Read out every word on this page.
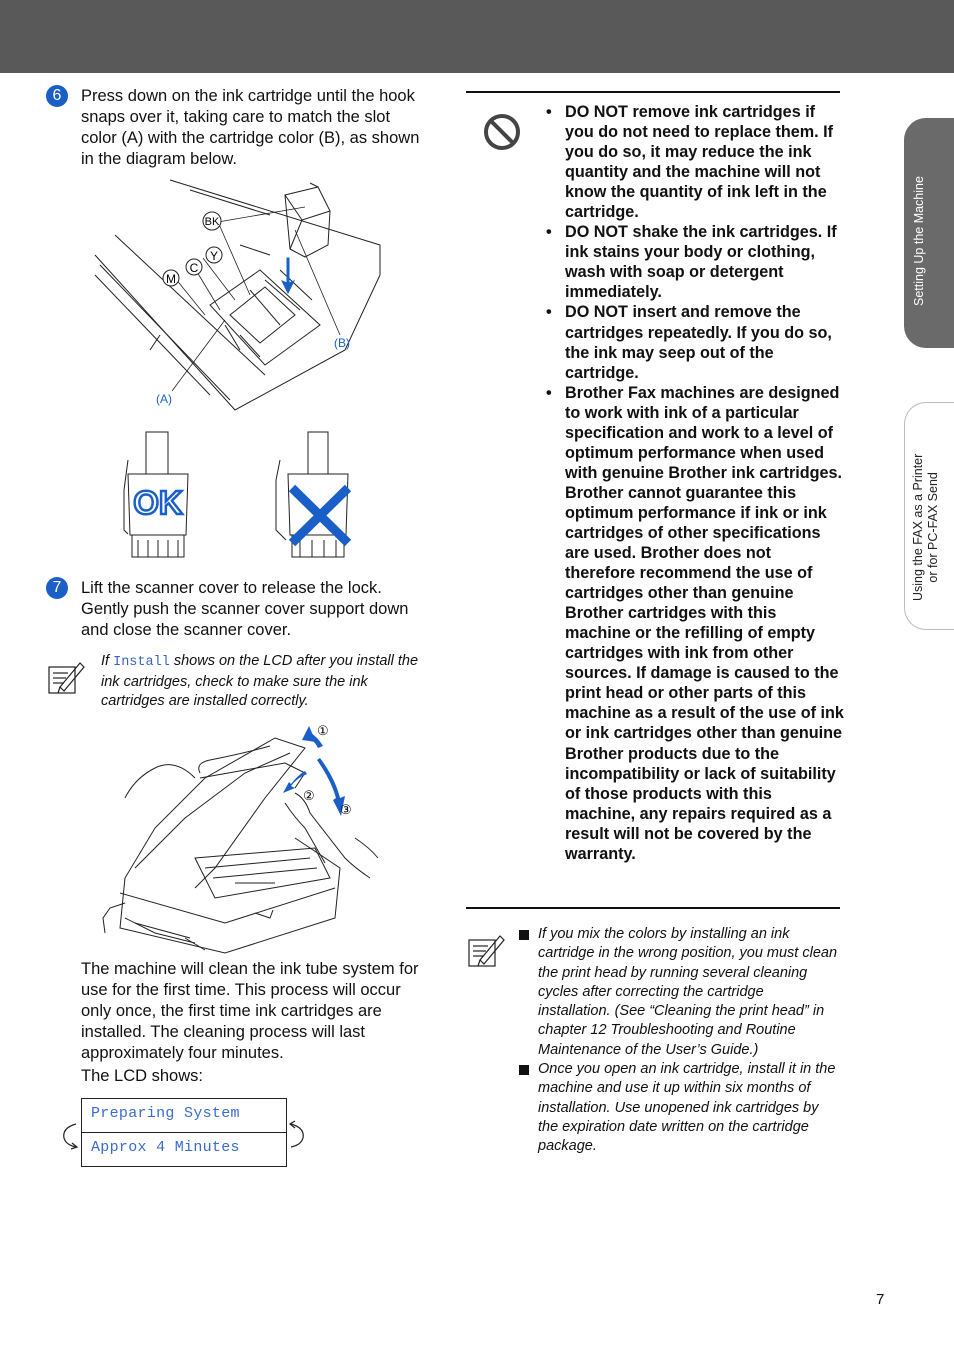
6	Press down on the ink cartridge until the hook snaps over it, taking care to match the slot color (A) with the cartridge color (B), as shown in the diagram below.
BK
Y
C
M
(A)
(B)
OK
7	Lift the scanner cover to release the lock. Gently push the scanner cover support down and close the scanner cover.
If Install shows on the LCD after you install the ink cartridges, check to make sure the ink cartridges are installed correctly.
①
②
③
The machine will clean the ink tube system for use for the first time. This process will occur only once, the first time ink cartridges are installed. The cleaning process will last approximately four minutes.
The LCD shows:
Preparing System
Approx 4 Minutes
• DO NOT remove ink cartridges if you do not need to replace them. If you do so, it may reduce the ink quantity and the machine will not know the quantity of ink left in the cartridge.
• DO NOT shake the ink cartridges. If ink stains your body or clothing, wash with soap or detergent immediately.
• DO NOT insert and remove the cartridges repeatedly. If you do so, the ink may seep out of the cartridge.
• Brother Fax machines are designed to work with ink of a particular specification and work to a level of optimum performance when used with genuine Brother ink cartridges. Brother cannot guarantee this optimum performance if ink or ink cartridges of other specifications are used. Brother does not therefore recommend the use of cartridges other than genuine Brother cartridges with this machine or the refilling of empty cartridges with ink from other sources. If damage is caused to the print head or other parts of this machine as a result of the use of ink or ink cartridges other than genuine Brother products due to the incompatibility or lack of suitability of those products with this machine, any repairs required as a result will not be covered by the warranty.
If you mix the colors by installing an ink cartridge in the wrong position, you must clean the print head by running several cleaning cycles after correcting the cartridge installation. (See “Cleaning the print head” in chapter 12 Troubleshooting and Routine Maintenance of the User’s Guide.)
Once you open an ink cartridge, install it in the machine and use it up within six months of installation. Use unopened ink cartridges by the expiration date written on the cartridge package.
Setting Up the Machine
Using the FAX as a Printer or for PC-FAX Send
7
